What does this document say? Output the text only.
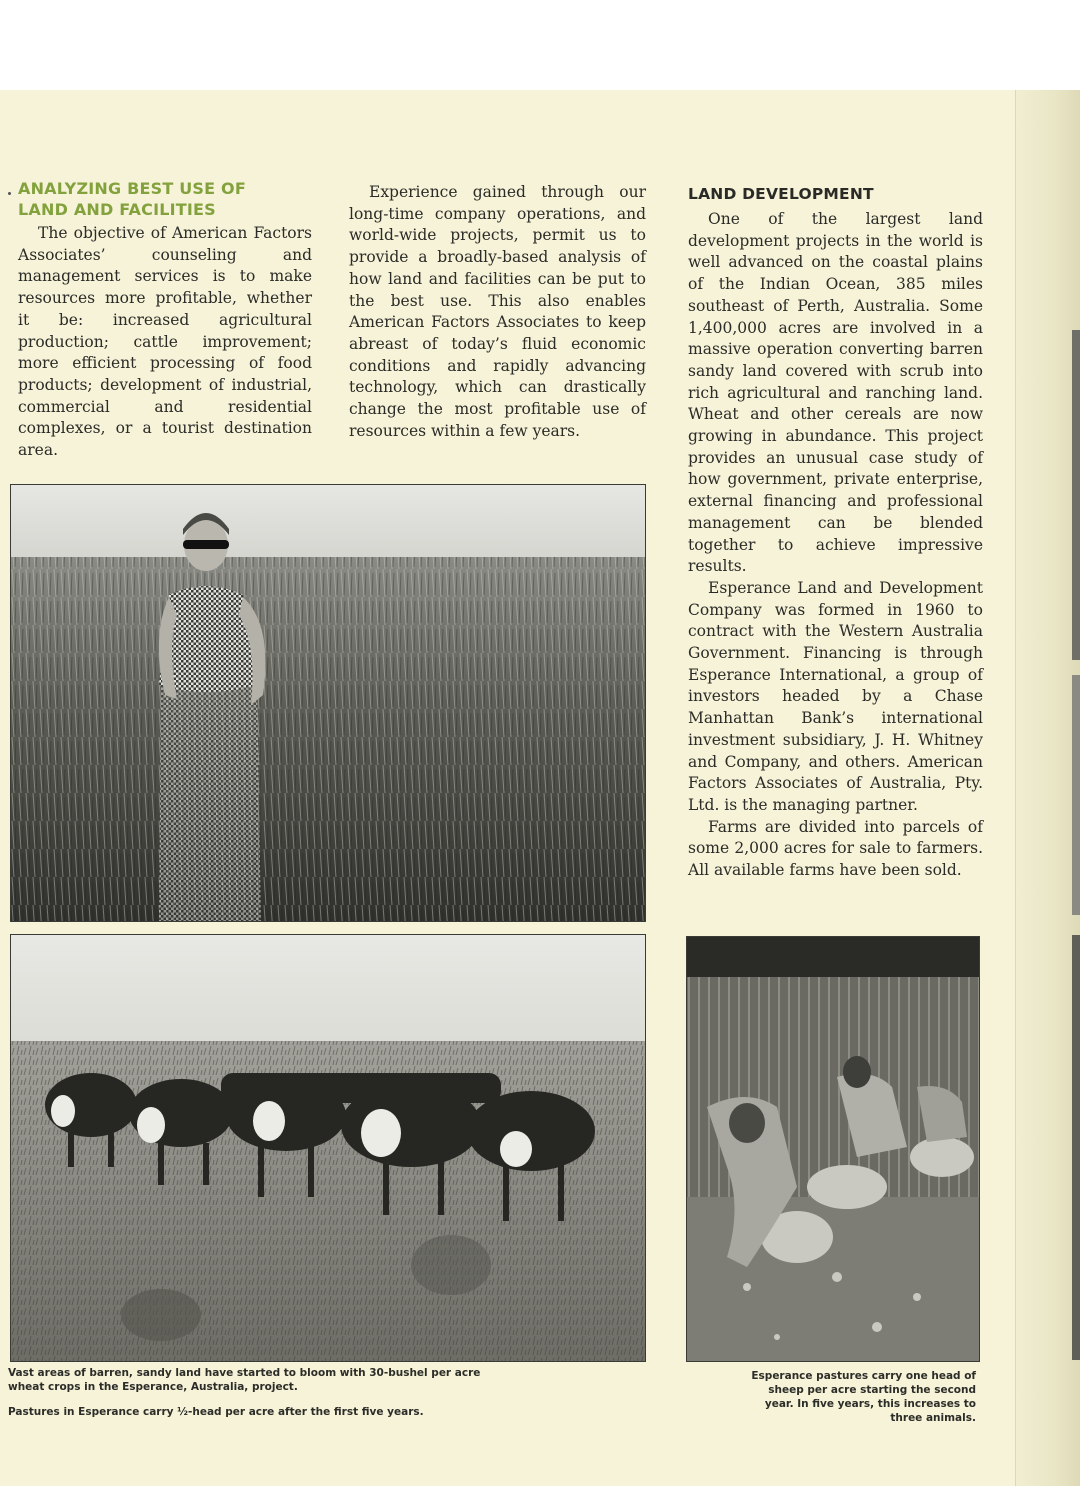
ANALYZING BEST USE OF
LAND AND FACILITIES

The objective of American Factors Associates’ counseling and management services is to make resources more profitable, whether it be: increased agricultural production; cattle improvement; more efficient processing of food products; development of industrial, commercial and residential complexes, or a tourist destination area.

Experience gained through our long-time company operations, and world-wide projects, permit us to provide a broadly-based analysis of how land and facilities can be put to the best use. This also enables American Factors Associates to keep abreast of today’s fluid economic conditions and rapidly advancing technology, which can drastically change the most profitable use of resources within a few years.

LAND DEVELOPMENT

One of the largest land development projects in the world is well advanced on the coastal plains of the Indian Ocean, 385 miles southeast of Perth, Australia. Some 1,400,000 acres are involved in a massive operation converting barren sandy land covered with scrub into rich agricultural and ranching land. Wheat and other cereals are now growing in abundance. This project provides an unusual case study of how government, private enterprise, external financing and professional management can be blended together to achieve impressive results.

Esperance Land and Development Company was formed in 1960 to contract with the Western Australia Government. Financing is through Esperance International, a group of investors headed by a Chase Manhattan Bank’s international investment subsidiary, J. H. Whitney and Company, and others. American Factors Associates of Australia, Pty. Ltd. is the managing partner.

Farms are divided into parcels of some 2,000 acres for sale to farmers. All available farms have been sold.

Vast areas of barren, sandy land have started to bloom with 30-bushel per acre wheat crops in the Esperance, Australia, project.

Pastures in Esperance carry ½-head per acre after the first five years.

Esperance pastures carry one head of sheep per acre starting the second year. In five years, this increases to three animals.
